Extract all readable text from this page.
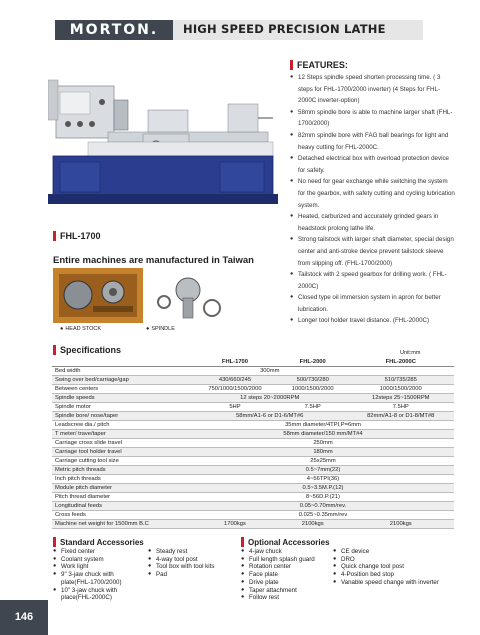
MORTON.	HIGH SPEED PRECISION LATHE
FHL-1700
Entire machines are manufactured in Taiwan
● HEAD STOCK	● SPINDLE
FEATURES:
● 12 Steps spindle speed shorten processing time. ( 3 steps for FHL-1700/2000 inverter) (4 Steps for FHL-2000C inverter-option)
● 58mm spindle bore is able to machine larger shaft (FHL-1700/2000)
● 82mm spindle bore with FAG ball bearings for light and heavy cutting for FHL-2000C.
● Detached electrical box with overload protection device for safety.
● No need for gear exchange while switching the system for the gearbox, with safety cutting and cycling lubrication system.
● Heated, carburized and accurately grinded gears in headstock prolong lathe life.
● Strong tailstock with larger shaft diameter, special design center and anti-stroke device prevent tailstock sleeve from slipping off. (FHL-1700/2000)
● Tailstock with 2 speed gearbox for drilling work. ( FHL-2000C)
● Closed type oil immersion system in apron for better lubrication.
● Longer tool holder travel distance. (FHL-2000C)
Specifications	Unit:mm
	FHL-1700	FHL-2000	FHL-2000C
Bed width	300mm		
Swing over bed/carriage/gap	430/660/245	500/730/280	510/735/285
Between centers	750/1000/1500/2000	1000/1500/2000	1000/1500/2000
Spindle speeds	12 steps 20~2000RPM		12steps 25~1500RPM
Spindle motor	5HP	7.5HP	7.5HP
Spindle bore/ nose/taper	58mm/A1-6 or D1-6/MT#6		82mm/A1-8 or D1-8/MT#8
Leadscrew dia./ pitch	35mm diameter/4TPI,P=6mm		
T meter/ trave/taper	58mm diameter/150 mm/MT#4		
Carriage cross slide travel	250mm		
Carriage tool holder travel	180mm		
Carriage cutting tool size	25x25mm		
Metric pitch threads	0.5~7mm(22)		
Inch pitch threads	4~56TPI(36)		
Module pitch diameter	0.5~3.5M.P.(12)		
Pitch thread diameter	8~56D.P.(21)		
Longitudinal feeds	0.05~0.70mm/rev.		
Cross feeds	0.025~0.35mm/rev		
Machine net weight for 1500mm B.C	1700kgs	2100kgs	2100kgs
Standard Accessories
● Fixed center
● Coolant system
● Work light
● 9" 3-jaw chuck with plate(FHL-1700/2000)
● 10" 3-jaw chuck with place(FHL-2000C)
● Steady rest
● 4-way tool post
● Tool box with tool kits
● Pad
Optional Accessories
● 4-jaw chuck
● Full length splash guard
● Rotation center
● Face plate
● Drive plate
● Taper attachment
● Follow rest
● CE device
● DRO
● Quick change tool post
● 4-Position bed stop
● Vanable speed change with inverter
146
